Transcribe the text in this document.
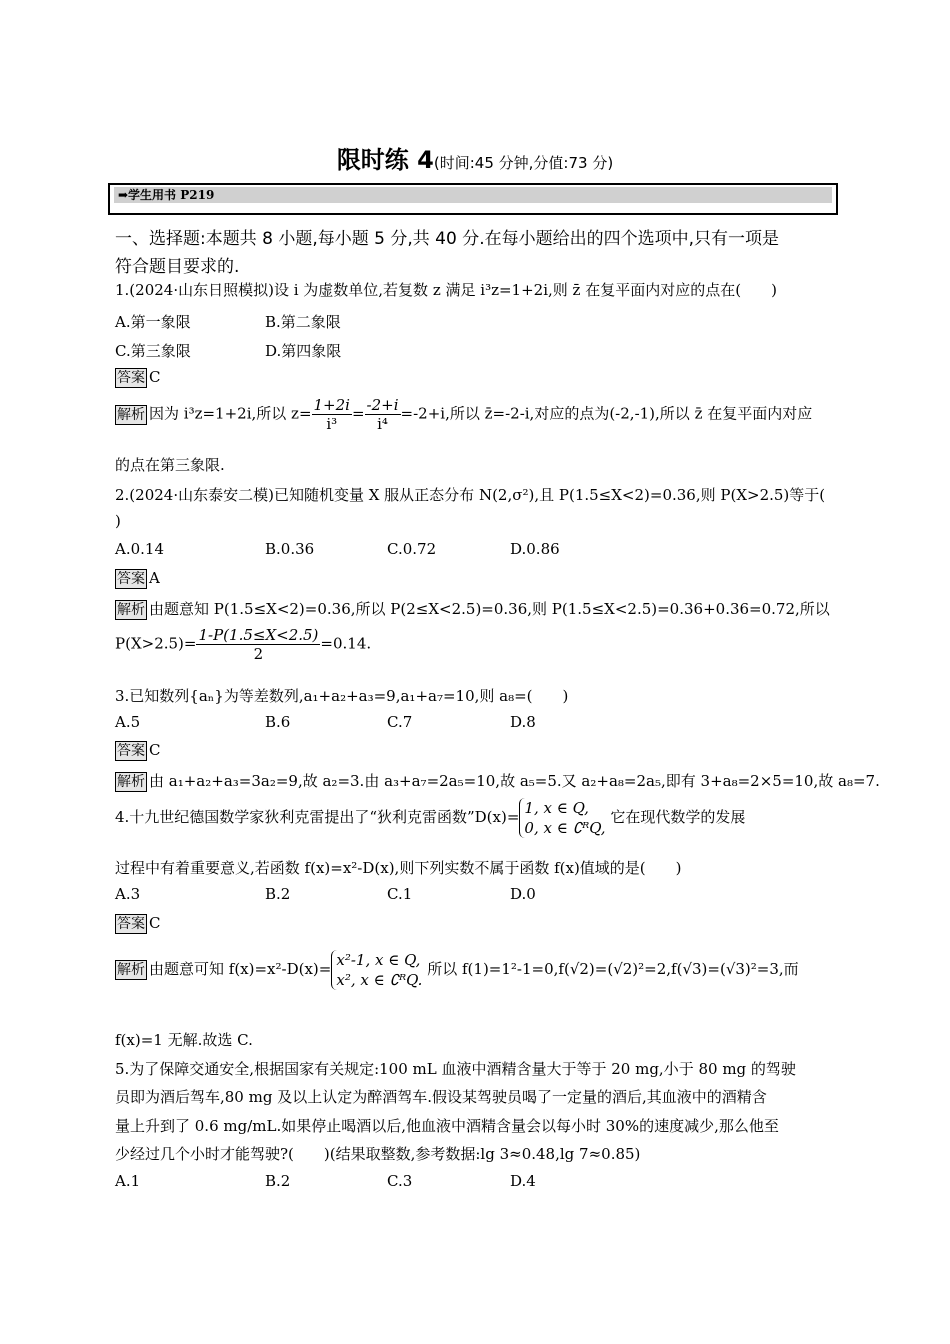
限时练 4(时间:45 分钟,分值:73 分)
➡学生用书 P219
一、选择题:本题共 8 小题,每小题 5 分,共 40 分.在每小题给出的四个选项中,只有一项是
符合题目要求的.
1.(2024·山东日照模拟)设 i 为虚数单位,若复数 z 满足 i³z=1+2i,则 z̄ 在复平面内对应的点在(　　)
A.第一象限	B.第二象限
C.第三象限	D.第四象限
答案 C
解析 因为 i³z=1+2i,所以 $z= \frac{1+2i}{\text{i³}} = \frac{-2+i}{\text{i⁴}} =-2+i$,所以 z̄=-2-i,对应的点为(-2,-1),所以 z̄ 在复平面内对应
的点在第三象限.
2.(2024·山东泰安二模)已知随机变量 X 服从正态分布 N(2,σ²),且 P(1.5≤X<2)=0.36,则 P(X>2.5)等于(
)
A.0.14	B.0.36	C.0.72	D.0.86
答案 A
解析 由题意知 P(1.5≤X<2)=0.36,所以 P(2≤X<2.5)=0.36,则 P(1.5≤X<2.5)=0.36+0.36=0.72,所以
$P(X>2.5)= \frac{1-P(1.5\le X<2.5)}{2} =0.14$.
3.已知数列{aₙ}为等差数列,a₁+a₂+a₃=9,a₁+a₇=10,则 a₈=(　　)
A.5	B.6	C.7	D.8
答案 C
解析 由 a₁+a₂+a₃=3a₂=9,故 a₂=3.由 a₃+a₇=2a₅=10,故 a₅=5.又 a₂+a₈=2a₅,即有 3+a₈=2×5=10,故 a₈=7.
4.十九世纪德国数学家狄利克雷提出了“狄利克雷函数”D(x)= 1, x ∈ Q,
0, x ∈ ∁ᴿQ,
它在现代数学的发展
过程中有着重要意义,若函数 f(x)=x²-D(x),则下列实数不属于函数 f(x)值域的是(　　)
A.3	B.2	C.1	D.0
答案 C
解析 由题意可知 f(x)=x²-D(x)= x²-1, x ∈ Q,
x², x ∈ ∁ᴿQ.
所以 f(1)=1²-1=0,f(√2)=(√2)²=2,f(√3)=(√3)²=3,而
f(x)=1 无解.故选 C.
5.为了保障交通安全,根据国家有关规定:100 mL 血液中酒精含量大于等于 20 mg,小于 80 mg 的驾驶
员即为酒后驾车,80 mg 及以上认定为醉酒驾车.假设某驾驶员喝了一定量的酒后,其血液中的酒精含
量上升到了 0.6 mg/mL.如果停止喝酒以后,他血液中酒精含量会以每小时 30%的速度减少,那么他至
少经过几个小时才能驾驶?(　　)(结果取整数,参考数据:lg 3≈0.48,lg 7≈0.85)
A.1	B.2	C.3	D.4
